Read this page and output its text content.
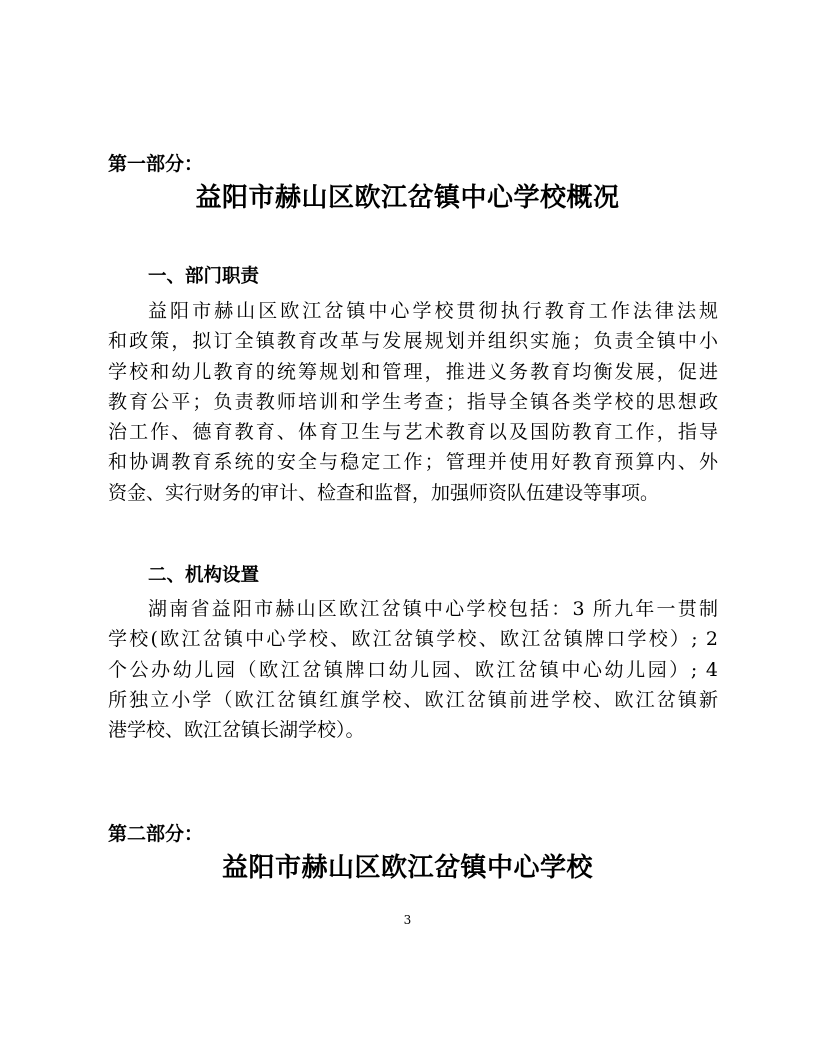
第一部分：
益阳市赫山区欧江岔镇中心学校概况
一、部门职责
益阳市赫山区欧江岔镇中心学校贯彻执行教育工作法律法规
和政策，拟订全镇教育改革与发展规划并组织实施；负责全镇中小
学校和幼儿教育的统筹规划和管理，推进义务教育均衡发展，促进
教育公平；负责教师培训和学生考查；指导全镇各类学校的思想政
治工作、德育教育、体育卫生与艺术教育以及国防教育工作，指导
和协调教育系统的安全与稳定工作；管理并使用好教育预算内、外
资金、实行财务的审计、检查和监督，加强师资队伍建设等事项。
二、机构设置
湖南省益阳市赫山区欧江岔镇中心学校包括：3 所九年一贯制
学校(欧江岔镇中心学校、欧江岔镇学校、欧江岔镇牌口学校）; 2
个公办幼儿园（欧江岔镇牌口幼儿园、欧江岔镇中心幼儿园）; 4
所独立小学（欧江岔镇红旗学校、欧江岔镇前进学校、欧江岔镇新
港学校、欧江岔镇长湖学校）。
第二部分：
益阳市赫山区欧江岔镇中心学校
3
